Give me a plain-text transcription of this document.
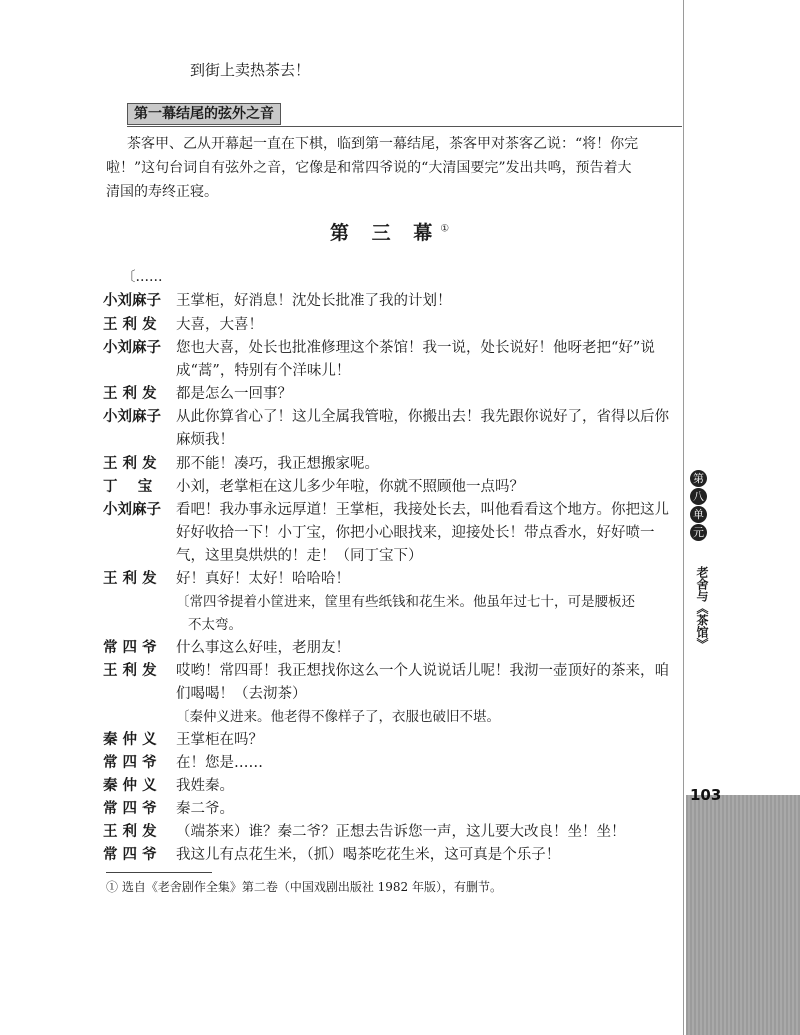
到街上卖热茶去！
第一幕结尾的弦外之音
茶客甲、乙从开幕起一直在下棋，临到第一幕结尾，茶客甲对茶客乙说：“将！你完
啦！”这句台词自有弦外之音，它像是和常四爷说的“大清国要完”发出共鸣，预告着大
清国的寿终正寝。
第 三 幕①
〔……
小刘麻子 王掌柜，好消息！沈处长批准了我的计划！
王 利 发 大喜，大喜！
小刘麻子 您也大喜，处长也批准修理这个茶馆！我一说，处长说好！他呀老把“好”说
成“蒿”，特别有个洋味儿！
王 利 发 都是怎么一回事？
小刘麻子 从此你算省心了！这儿全属我管啦，你搬出去！我先跟你说好了，省得以后你
麻烦我！
王 利 发 那不能！凑巧，我正想搬家呢。
丁    宝 小刘，老掌柜在这儿多少年啦，你就不照顾他一点吗？
小刘麻子 看吧！我办事永远厚道！王掌柜，我接处长去，叫他看看这个地方。你把这儿
好好收拾一下！小丁宝，你把小心眼找来，迎接处长！带点香水，好好喷一
气，这里臭烘烘的！走！（同丁宝下）
王 利 发 好！真好！太好！哈哈哈！
〔常四爷提着小筐进来，筐里有些纸钱和花生米。他虽年过七十，可是腰板还
不太弯。
常 四 爷 什么事这么好哇，老朋友！
王 利 发 哎哟！常四哥！我正想找你这么一个人说说话儿呢！我沏一壶顶好的茶来，咱
们喝喝！（去沏茶）
〔秦仲义进来。他老得不像样子了，衣服也破旧不堪。
秦 仲 义 王掌柜在吗？
常 四 爷 在！您是……
秦 仲 义 我姓秦。
常 四 爷 秦二爷。
王 利 发 （端茶来）谁？秦二爷？正想去告诉您一声，这儿要大改良！坐！坐！
常 四 爷 我这儿有点花生米，（抓）喝茶吃花生米，这可真是个乐子！
① 选自《老舍剧作全集》第二卷（中国戏剧出版社 1982 年版），有删节。
第
八
单
元
老舍与《茶馆》
103
